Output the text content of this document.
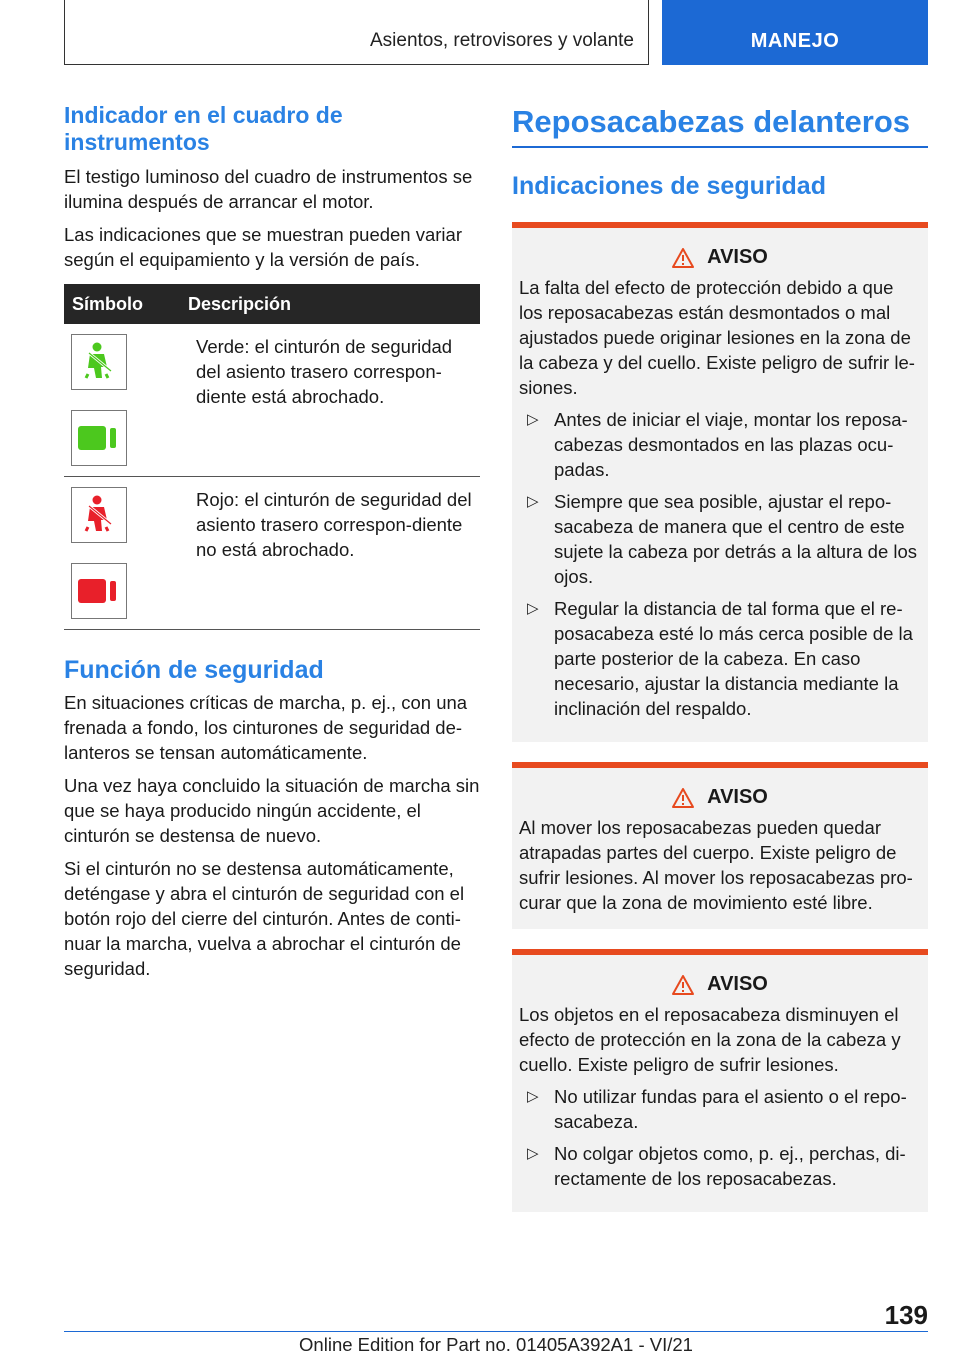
Asientos, retrovisores y volante	MANEJO
Indicador en el cuadro de instrumentos

El testigo luminoso del cuadro de instrumentos se ilumina después de arrancar el motor.

Las indicaciones que se muestran pueden variar según el equipamiento y la versión de país.

Símbolo	Descripción
Verde: el cinturón de seguridad del asiento trasero correspon-diente está abrochado.
Rojo: el cinturón de seguridad del asiento trasero correspon-diente no está abrochado.
Función de seguridad

En situaciones críticas de marcha, p. ej., con una frenada a fondo, los cinturones de seguridad de-lanteros se tensan automáticamente.

Una vez haya concluido la situación de marcha sin que se haya producido ningún accidente, el cinturón se destensa de nuevo.

Si el cinturón no se destensa automáticamente, deténgase y abra el cinturón de seguridad con el botón rojo del cierre del cinturón. Antes de conti-nuar la marcha, vuelva a abrochar el cinturón de seguridad.

Reposacabezas delanteros
Indicaciones de seguridad
AVISO

La falta del efecto de protección debido a que los reposacabezas están desmontados o mal ajustados puede originar lesiones en la zona de la cabeza y del cuello. Existe peligro de sufrir le-siones.

▷ Antes de iniciar el viaje, montar los reposa-cabezas desmontados en las plazas ocu-padas.
▷ Siempre que sea posible, ajustar el repo-sacabeza de manera que el centro de este sujete la cabeza por detrás a la altura de los ojos.
▷ Regular la distancia de tal forma que el re-posacabeza esté lo más cerca posible de la parte posterior de la cabeza. En caso necesario, ajustar la distancia mediante la inclinación del respaldo.
AVISO

Al mover los reposacabezas pueden quedar atrapadas partes del cuerpo. Existe peligro de sufrir lesiones. Al mover los reposacabezas pro-curar que la zona de movimiento esté libre.

AVISO

Los objetos en el reposacabeza disminuyen el efecto de protección en la zona de la cabeza y cuello. Existe peligro de sufrir lesiones.

▷ No utilizar fundas para el asiento o el repo-sacabeza.
▷ No colgar objetos como, p. ej., perchas, di-rectamente de los reposacabezas.
139
Online Edition for Part no. 01405A392A1 - VI/21
